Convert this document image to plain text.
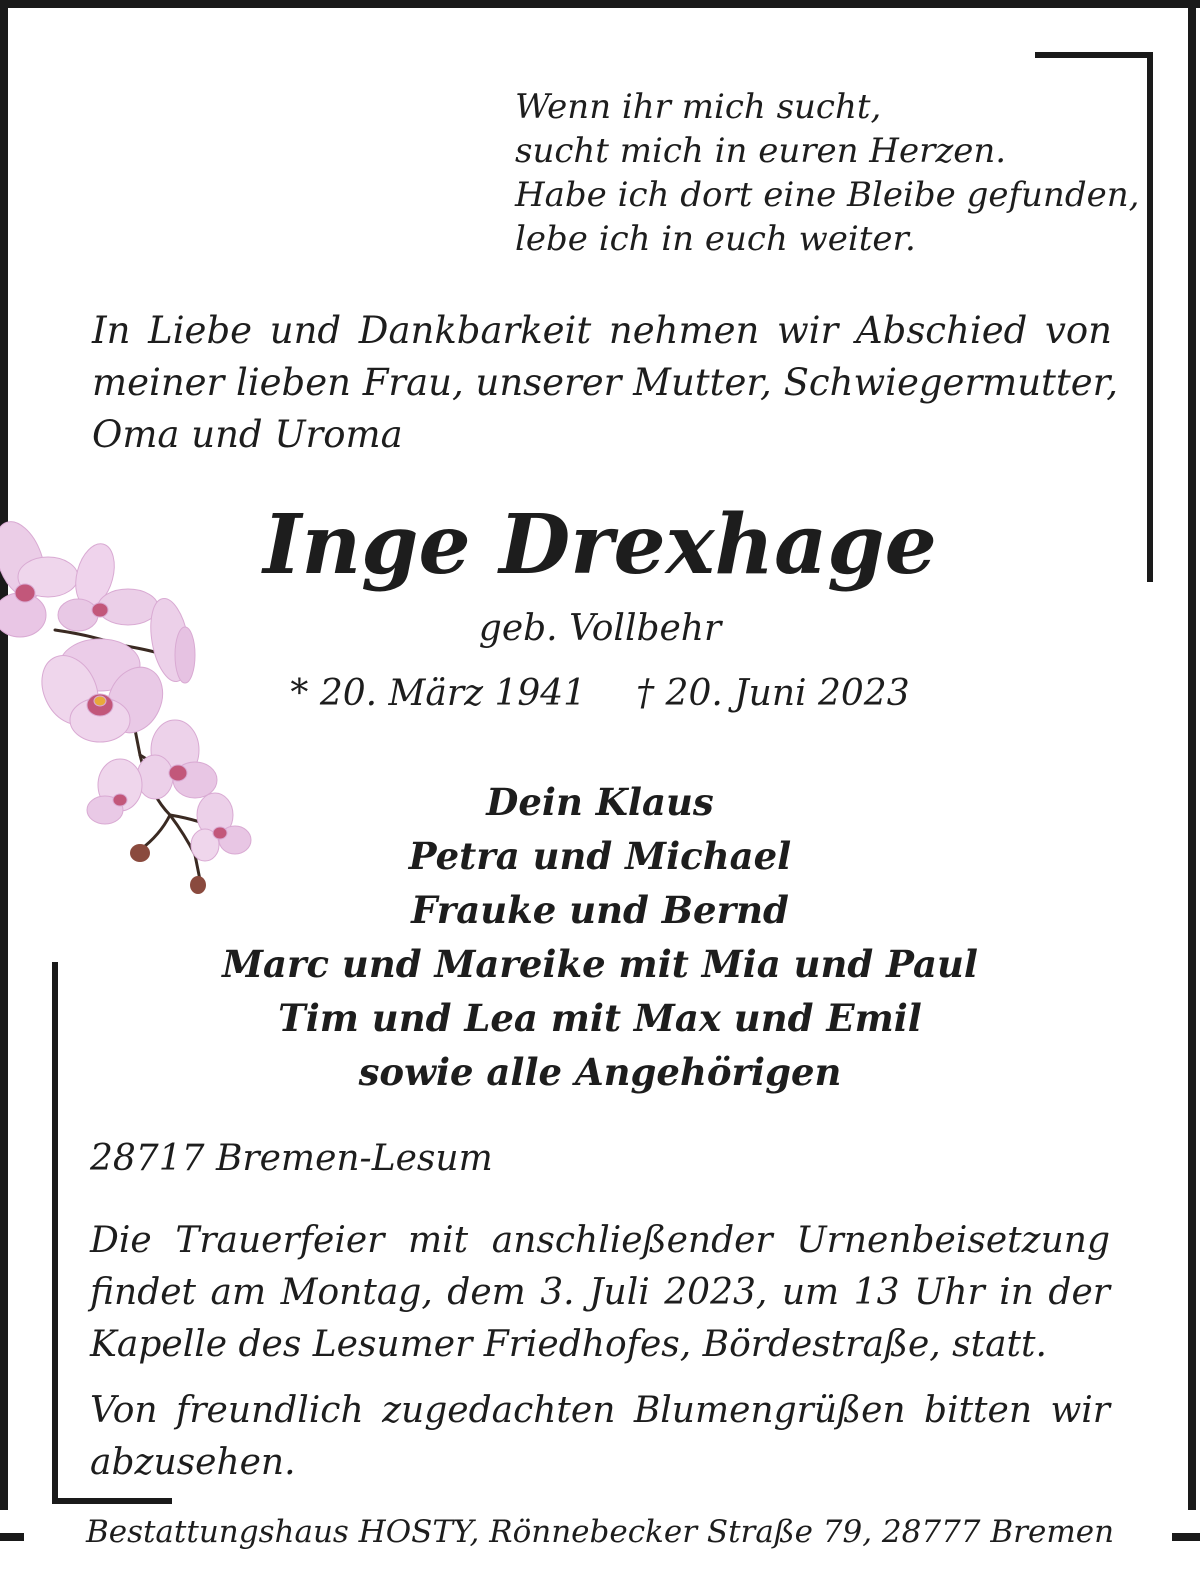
Wenn ihr mich sucht,
sucht mich in euren Herzen.
Habe ich dort eine Bleibe gefunden,
lebe ich in euch weiter.
In Liebe und Dankbarkeit nehmen wir Abschied von
meiner lieben Frau, unserer Mutter, Schwiegermutter,
Oma und Uroma
Inge Drexhage
geb. Vollbehr
* 20. März 1941 † 20. Juni 2023
Dein Klaus
Petra und Michael
Frauke und Bernd
Marc und Mareike mit Mia und Paul
Tim und Lea mit Max und Emil
sowie alle Angehörigen
28717 Bremen-Lesum
Die Trauerfeier mit anschließender Urnenbeisetzung
findet am Montag, dem 3. Juli 2023, um 13 Uhr in der
Kapelle des Lesumer Friedhofes, Bördestraße, statt.
Von freundlich zugedachten Blumengrüßen bitten wir
abzusehen.
Bestattungshaus HOSTY, Rönnebecker Straße 79, 28777 Bremen
